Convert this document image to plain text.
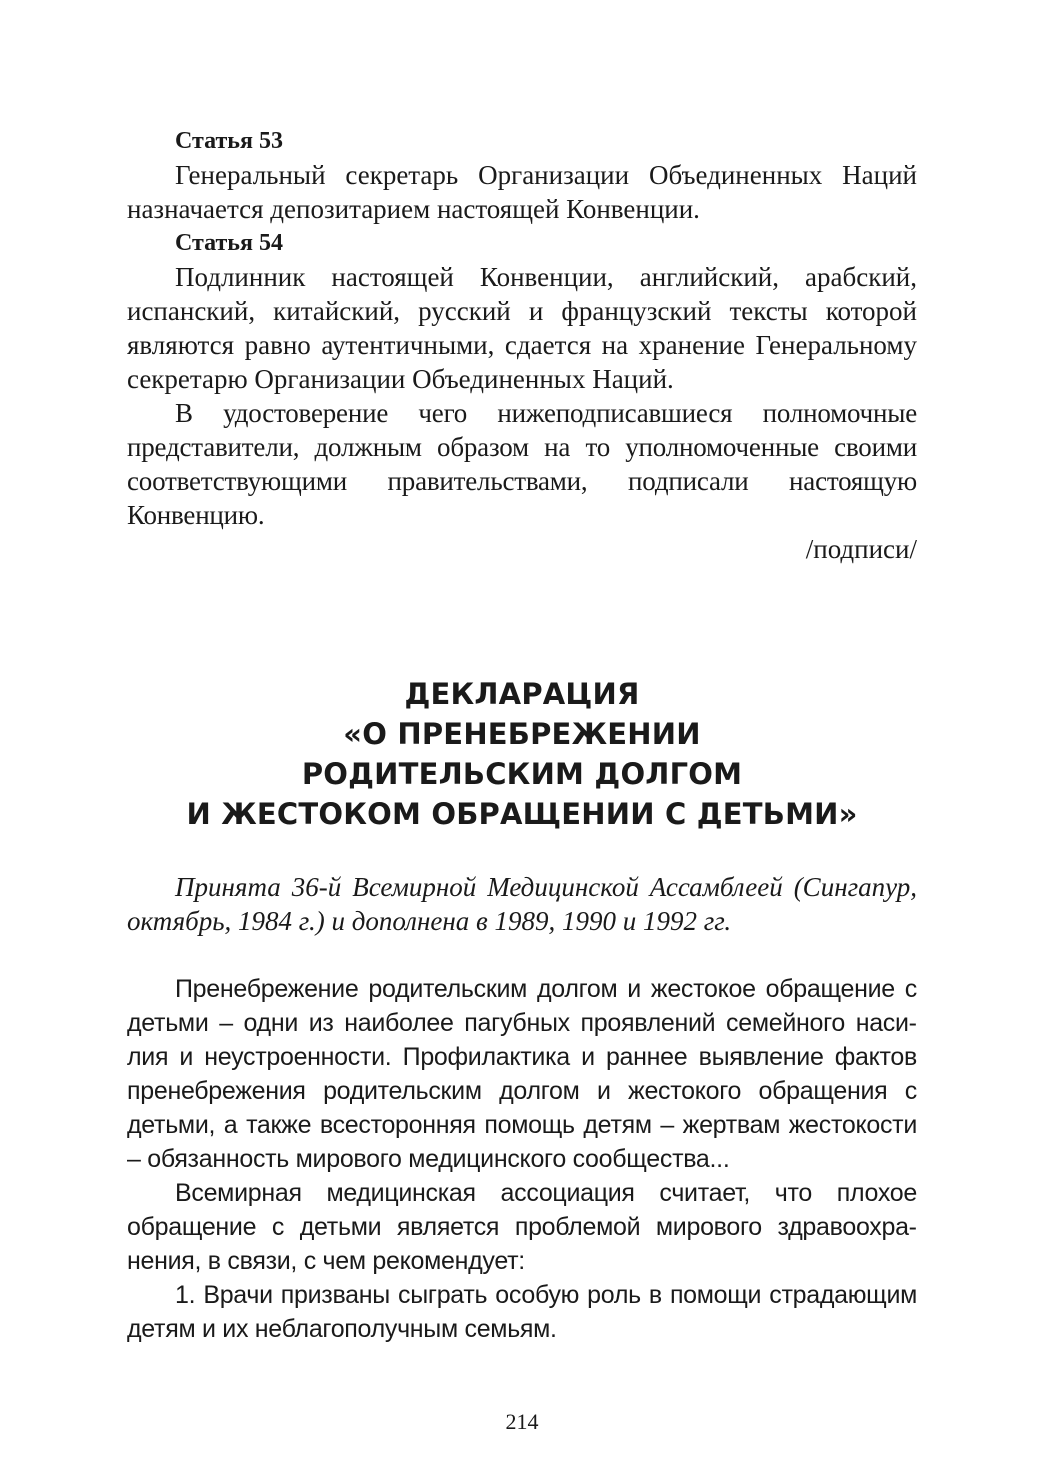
Статья 53

Генеральный секретарь Организации Объединенных Наций назначается депозитарием настоящей Конвенции.

Статья 54

Подлинник настоящей Конвенции, английский, арабский, испанский, китайский, русский и французский тексты которой являются равно аутентичными, сдается на хранение Генеральному секретарю Организации Объединенных Наций.

В удостоверение чего нижеподписавшиеся полномочные представители, должным образом на то уполномоченные своими соответствующими правительствами, подписали настоящую Конвенцию.

/подписи/

ДЕКЛАРАЦИЯ
«О ПРЕНЕБРЕЖЕНИИ
РОДИТЕЛЬСКИМ ДОЛГОМ
И ЖЕСТОКОМ ОБРАЩЕНИИ С ДЕТЬМИ»

Принята 36-й Всемирной Медицинской Ассамблеей (Сингапур, октябрь, 1984 г.) и дополнена в 1989, 1990 и 1992 гг.

Пренебрежение родительским долгом и жестокое обращение с детьми – одни из наиболее пагубных проявлений семейного насилия и неустроенности. Профилактика и раннее выявление фактов пренебрежения родительским долгом и жестокого обращения с детьми, а также всесторонняя помощь детям – жертвам жестокости – обязанность мирового медицинского сообщества...

Всемирная медицинская ассоциация считает, что плохое обращение с детьми является проблемой мирового здравоохранения, в связи, с чем рекомендует:

1. Врачи призваны сыграть особую роль в помощи страдающим детям и их неблагополучным семьям.

214
